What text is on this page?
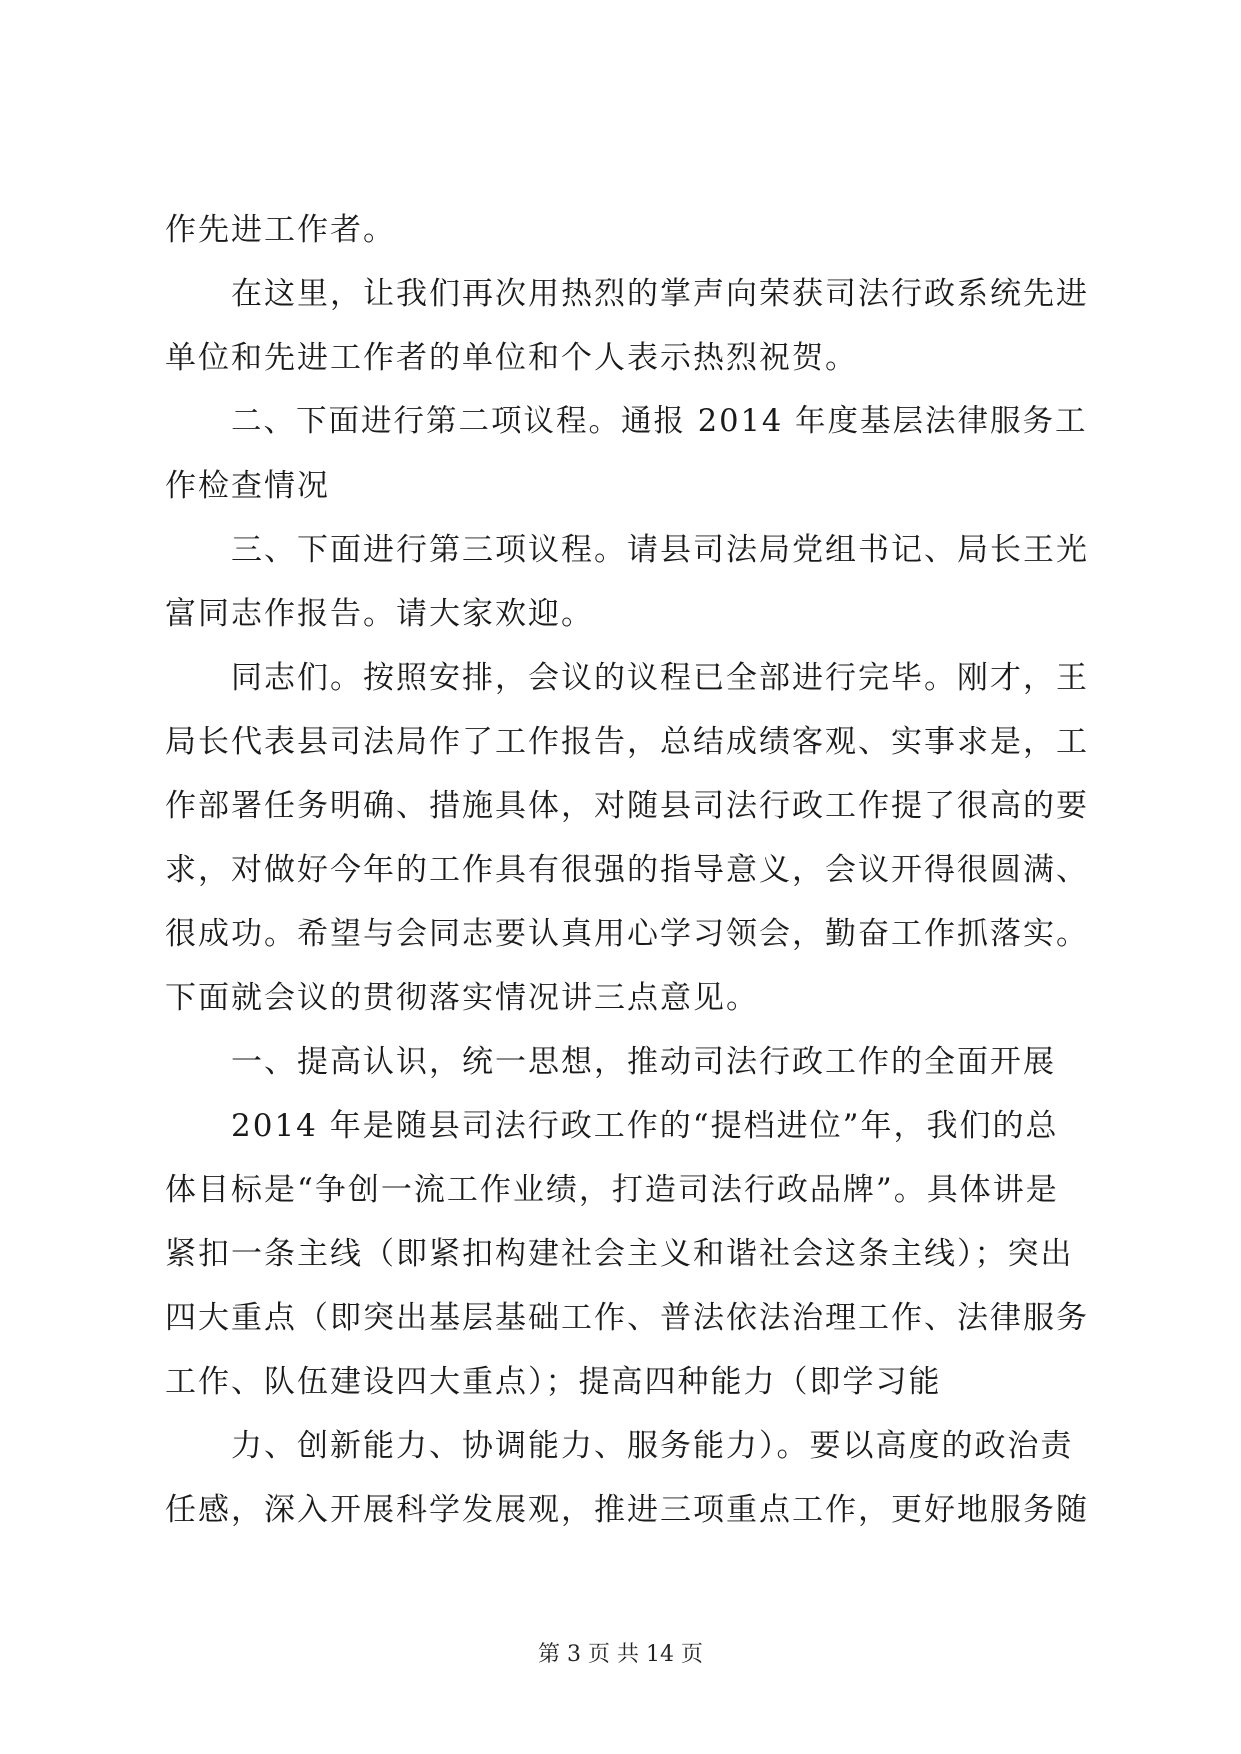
作先进工作者。
在这里，让我们再次用热烈的掌声向荣获司法行政系统先进
单位和先进工作者的单位和个人表示热烈祝贺。
二、下面进行第二项议程。通报 2014 年度基层法律服务工
作检查情况
三、下面进行第三项议程。请县司法局党组书记、局长王光
富同志作报告。请大家欢迎。
同志们。按照安排，会议的议程已全部进行完毕。刚才，王
局长代表县司法局作了工作报告，总结成绩客观、实事求是，工
作部署任务明确、措施具体，对随县司法行政工作提了很高的要
求，对做好今年的工作具有很强的指导意义，会议开得很圆满、
很成功。希望与会同志要认真用心学习领会，勤奋工作抓落实。
下面就会议的贯彻落实情况讲三点意见。
一、提高认识，统一思想，推动司法行政工作的全面开展
2014 年是随县司法行政工作的“提档进位”年，我们的总
体目标是“争创一流工作业绩，打造司法行政品牌”。具体讲是
紧扣一条主线（即紧扣构建社会主义和谐社会这条主线）；突出
四大重点（即突出基层基础工作、普法依法治理工作、法律服务
工作、队伍建设四大重点）；提高四种能力（即学习能
力、创新能力、协调能力、服务能力）。要以高度的政治责
任感，深入开展科学发展观，推进三项重点工作，更好地服务随
第 3 页 共 14 页
